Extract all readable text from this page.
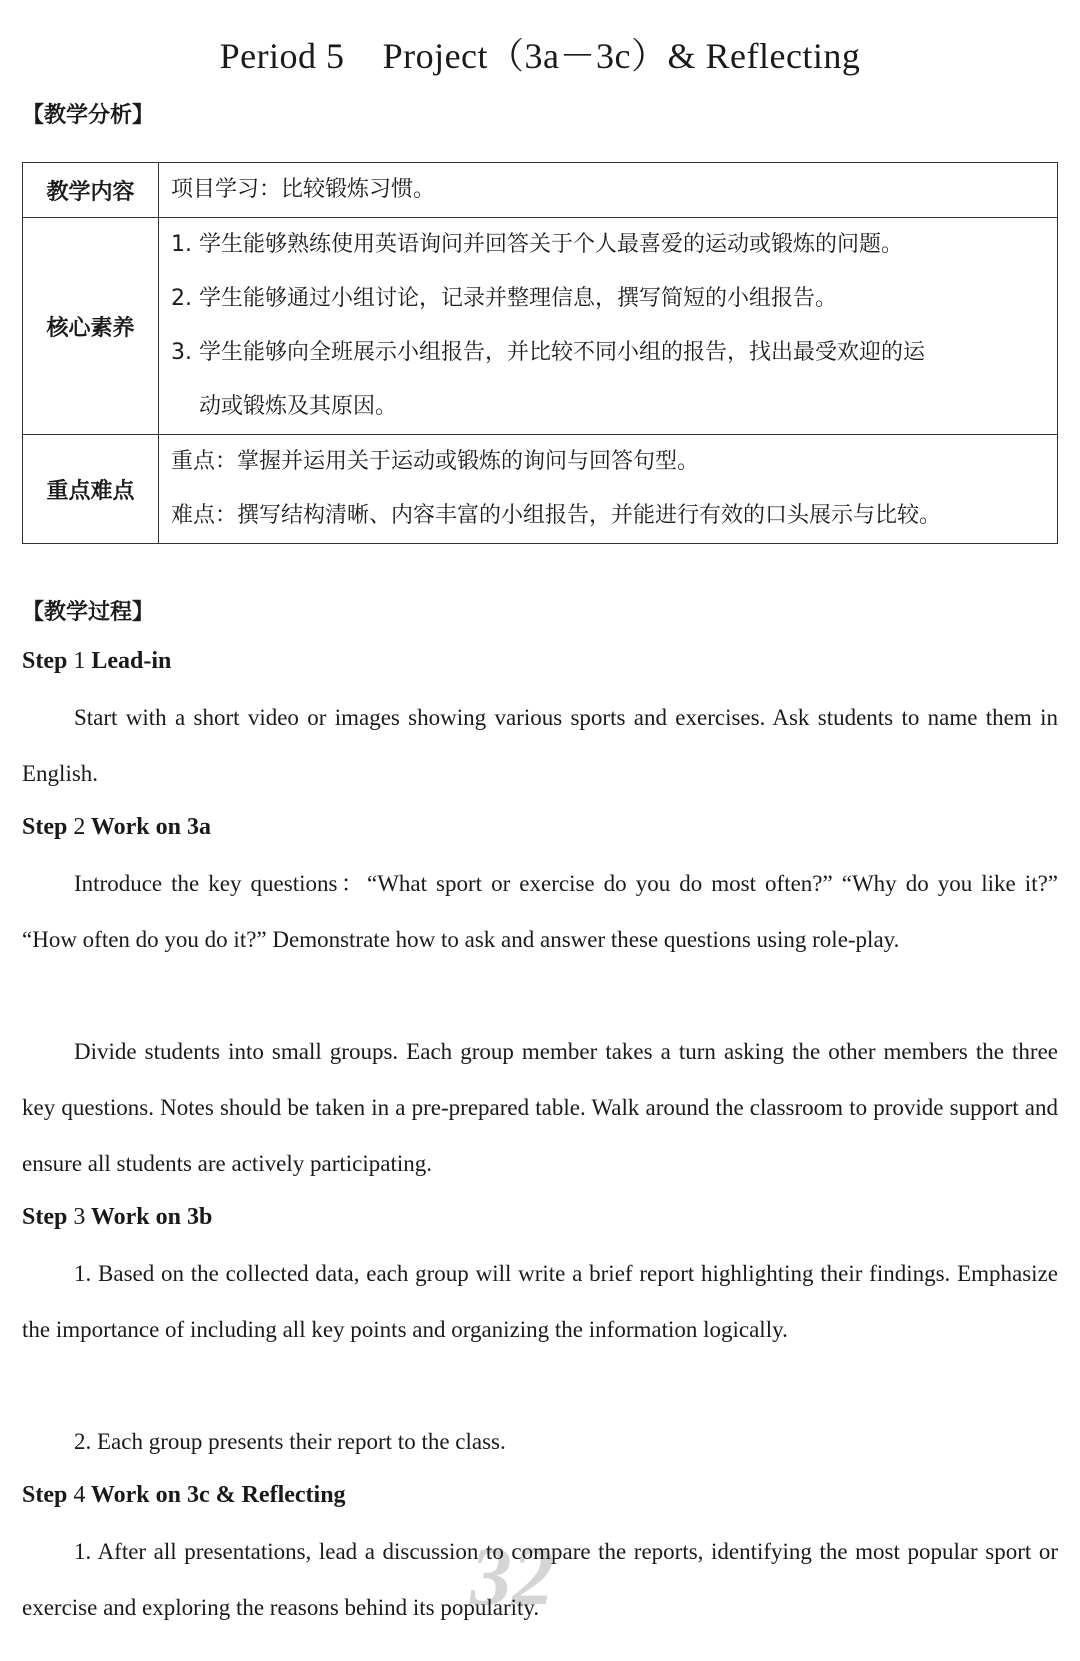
Period 5 Project（3a－3c）& Reflecting
【教学分析】
教学内容	项目学习：比较锻炼习惯。

核心素养	1. 学生能够熟练使用英语询问并回答关于个人最喜爱的运动或锻炼的问题。
2. 学生能够通过小组讨论，记录并整理信息，撰写简短的小组报告。
3. 学生能够向全班展示小组报告，并比较不同小组的报告，找出最受欢迎的运
动或锻炼及其原因。

重点难点	重点：掌握并运用关于运动或锻炼的询问与回答句型。
难点：撰写结构清晰、内容丰富的小组报告，并能进行有效的口头展示与比较。
【教学过程】
Step 1 Lead-in
Start with a short video or images showing various sports and exercises. Ask students to name them in English.
Step 2 Work on 3a
Introduce the key questions：“What sport or exercise do you do most often?” “Why do you like it?” “How often do you do it?” Demonstrate how to ask and answer these questions using role-play.
Divide students into small groups. Each group member takes a turn asking the other members the three key questions. Notes should be taken in a pre-prepared table. Walk around the classroom to provide support and ensure all students are actively participating.
Step 3 Work on 3b
1. Based on the collected data, each group will write a brief report highlighting their findings. Emphasize the importance of including all key points and organizing the information logically.
2. Each group presents their report to the class.
Step 4 Work on 3c & Reflecting
1. After all presentations, lead a discussion to compare the reports, identifying the most popular sport or exercise and exploring the reasons behind its popularity.
32
